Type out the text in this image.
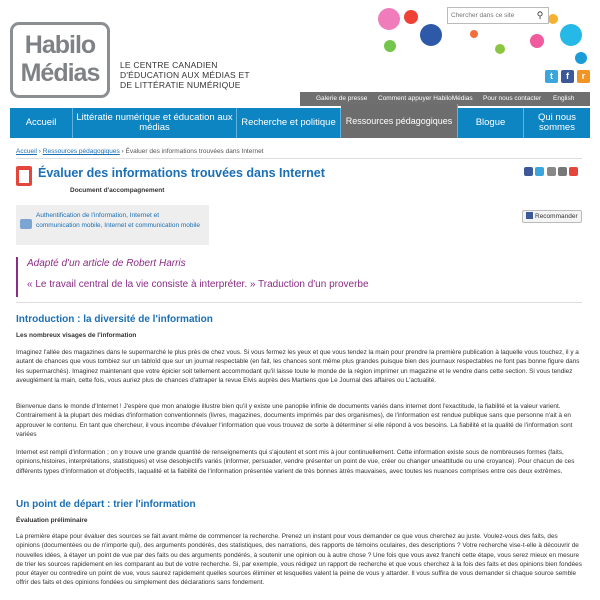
Habilo
Médias	LE CENTRE CANADIEN
D'ÉDUCATION AUX MÉDIAS ET
DE LITTÉRATIE NUMÉRIQUE
Chercher dans ce site
⚲
t	f	r
Galerie de presse Comment appuyer HabiloMédias Pour nous contacter English
Accueil	Littératie numérique et éducation aux médias	Recherche et politique	Ressources pédagogiques	Blogue	Qui nous sommes
Accueil › Ressources pédagogiques › Évaluer des informations trouvées dans Internet
Évaluer des informations trouvées dans Internet
Document d'accompagnement
Authentification de l'information, Internet et communication mobile, Internet et communication mobile
Recommander
Adapté d'un article de Robert Harris
« Le travail central de la vie consiste à interpréter. » Traduction d'un proverbe
Introduction : la diversité de l'information
Les nombreux visages de l'information

Imaginez l'allée des magazines dans le supermarché le plus près de chez vous. Si vous fermez les yeux et que vous tendez la main pour prendre la première publication à laquelle vous touchez, il y a autant de chances que vous tombiez sur un tabloïd que sur un journal respectable (en fait, les chances sont même plus grandes puisque bien des journaux respectables ne font pas bonne figure dans les supermarchés). Imaginez maintenant que votre épicier soit tellement accommodant qu'il laisse toute le monde de la région imprimer un magazine et le vendre dans cette section. Si vous tendiez aveuglément la main, cette fois, vous auriez plus de chances d'attraper la revue Elvis auprès des Martiens que Le Journal des affaires ou L'actualité.

Bienvenue dans le monde d'Internet ! J'espère que mon analogie illustre bien qu'il y existe une panoplie infinie de documents variés dans internet dont l'exactitude, la fiabilité et la valeur varient. Contrairement à la plupart des médias d'information conventionnels (livres, magazines, documents imprimés par des organismes), de l'information est rendue publique sans que personne n'ait à en approuver le contenu. En tant que chercheur, il vous incombe d'évaluer l'information que vous trouvez de sorte à déterminer si elle répond à vos besoins. La fiabilité et la qualité de l'information sont variées

Internet est rempli d'information ; on y trouve une grande quantité de renseignements qui s'ajoutent et sont mis à jour continuellement. Cette information existe sous de nombreuses formes (faits, opinions,histoires, interprétations, statistiques) et vise desobjectifs variés (informer, persuader, vendre présenter un point de vue, créer ou changer uneattitude ou une croyance). Pour chacun de ces différents types d'information et d'objectifs, laqualité et la fiabilité de l'information présentée varient de très bonnes àtrès mauvaises, avec toutes les nuances comprises entre ces deux extrêmes.

Un point de départ : trier l'information
Évaluation préliminaire

La première étape pour évaluer des sources se fait avant même de commencer la recherche. Prenez un instant pour vous demander ce que vous cherchez au juste. Voulez-vous des faits, des opinions (documentées ou de n'importe qui), des arguments pondérés, des statistiques, des narrations, des rapports de témoins oculaires, des descriptions ? Votre recherche vise-t-elle à découvrir de nouvelles idées, à étayer un point de vue par des faits ou des arguments pondérés, à soutenir une opinion ou à autre chose ? Une fois que vous avez franchi cette étape, vous serez mieux en mesure de trier les sources rapidement en les comparant au but de votre recherche. Si, par exemple, vous rédigez un rapport de recherche et que vous cherchez à la fois des faits et des opinions bien fondées pour étayer ou contredire un point de vue, vous saurez rapidement quelles sources éliminer et lesquelles valent la peine de vous y attarder. Il vous suffira de vous demander si chaque source semble offrir des faits et des opinions fondées ou simplement des déclarations sans fondement.
